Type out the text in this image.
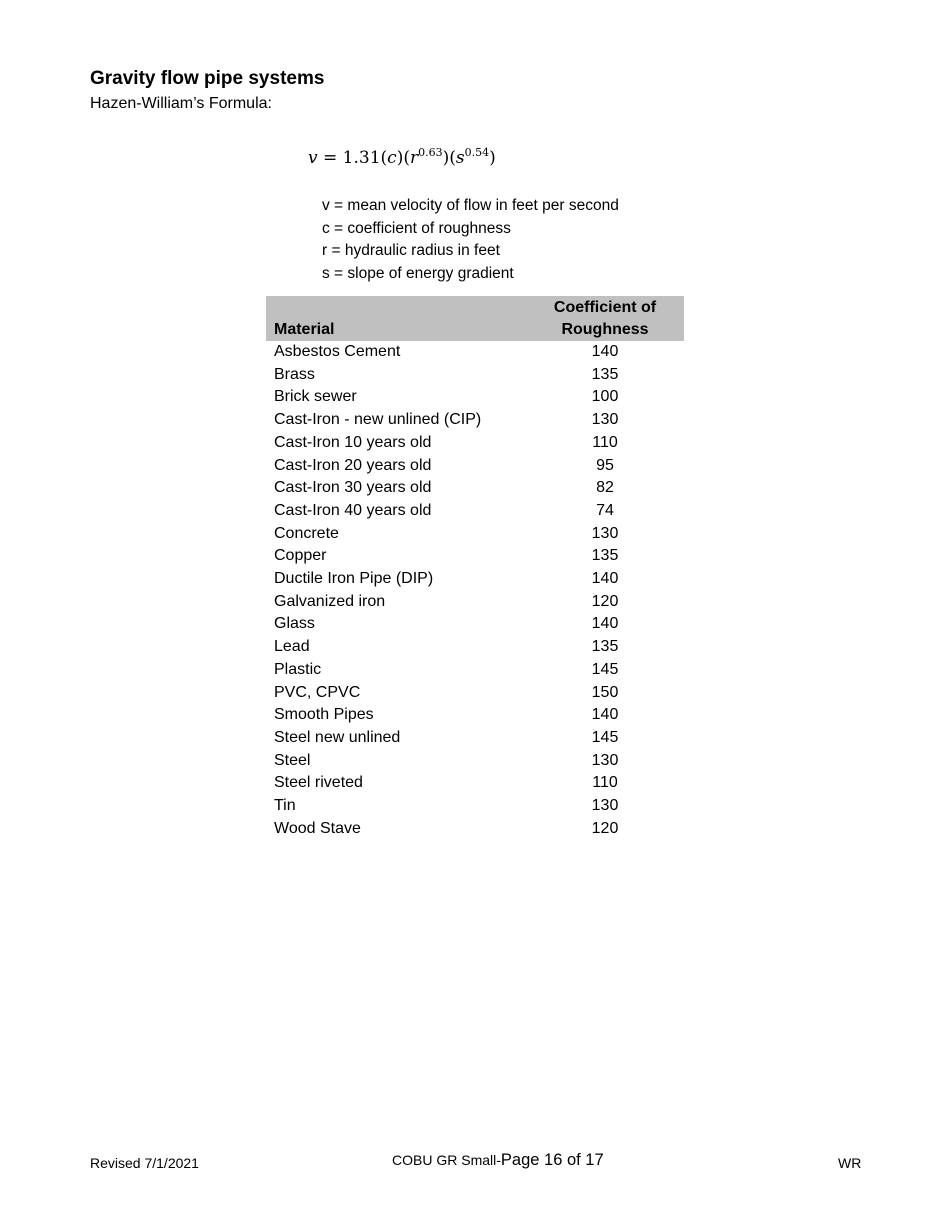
Gravity flow pipe systems
Hazen-William’s Formula:
$v = 1.31(c)(r^{0.63})(s^{0.54})$
v = mean velocity of flow in feet per second
c = coefficient of roughness
r = hydraulic radius in feet
s = slope of energy gradient
Material	Coefficient of
Roughness
Asbestos Cement	140
Brass	135
Brick sewer	100
Cast-Iron - new unlined (CIP)	130
Cast-Iron 10 years old	110
Cast-Iron 20 years old	95
Cast-Iron 30 years old	82
Cast-Iron 40 years old	74
Concrete	130
Copper	135
Ductile Iron Pipe (DIP)	140
Galvanized iron	120
Glass	140
Lead	135
Plastic	145
PVC, CPVC	150
Smooth Pipes	140
Steel new unlined	145
Steel	130
Steel riveted	110
Tin	130
Wood Stave	120
Revised 7/1/2021	COBU GR Small-Page 16 of 17	WR
